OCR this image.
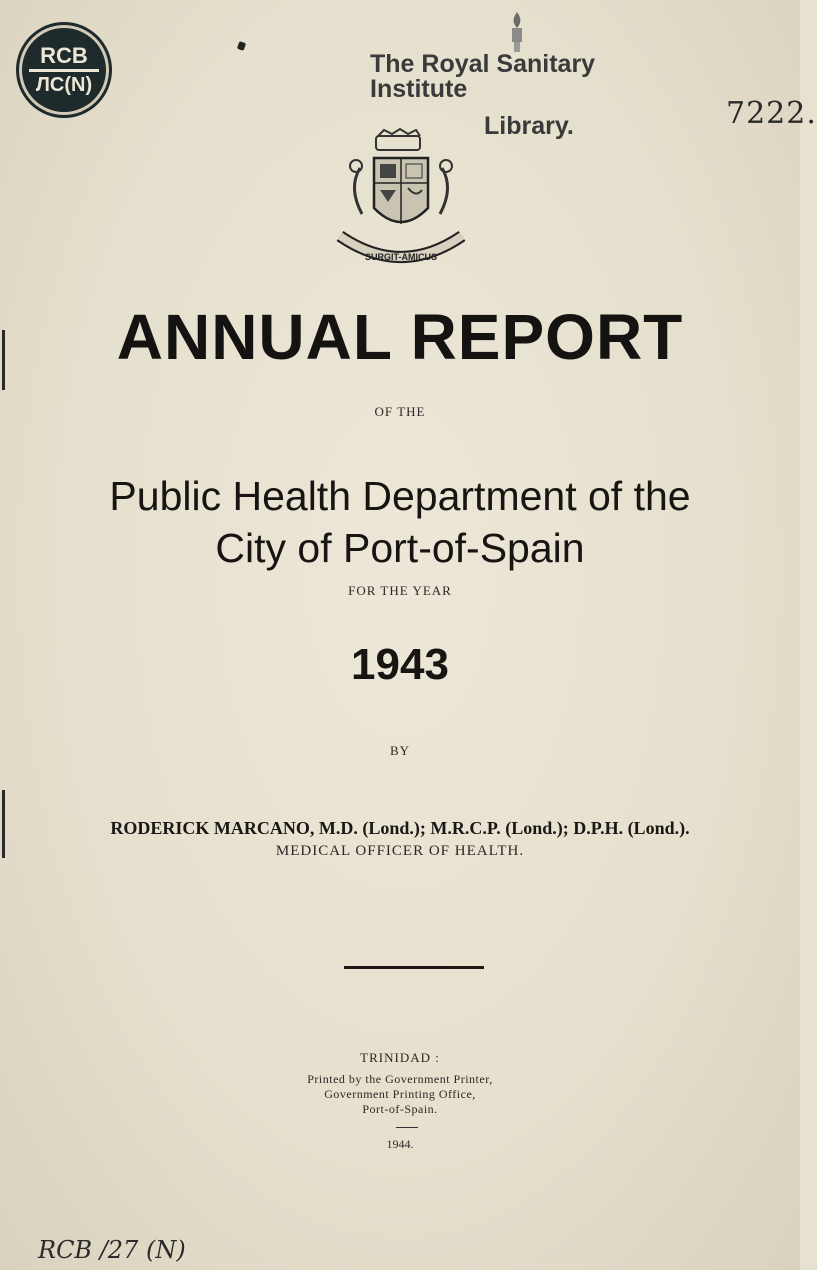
RCB
ЛС(N)
The Royal Sanitary Institute
Library.	7222.
SURGIT-AMICUS
ANNUAL REPORT
OF THE
Public Health Department of the
City of Port-of-Spain
FOR THE YEAR
1943
BY
RODERICK MARCANO, M.D. (Lond.); M.R.C.P. (Lond.); D.P.H. (Lond.).
MEDICAL OFFICER OF HEALTH.
TRINIDAD :
Printed by the Government Printer,
Government Printing Office,
Port-of-Spain.
1944.
RCB /27 (N)
